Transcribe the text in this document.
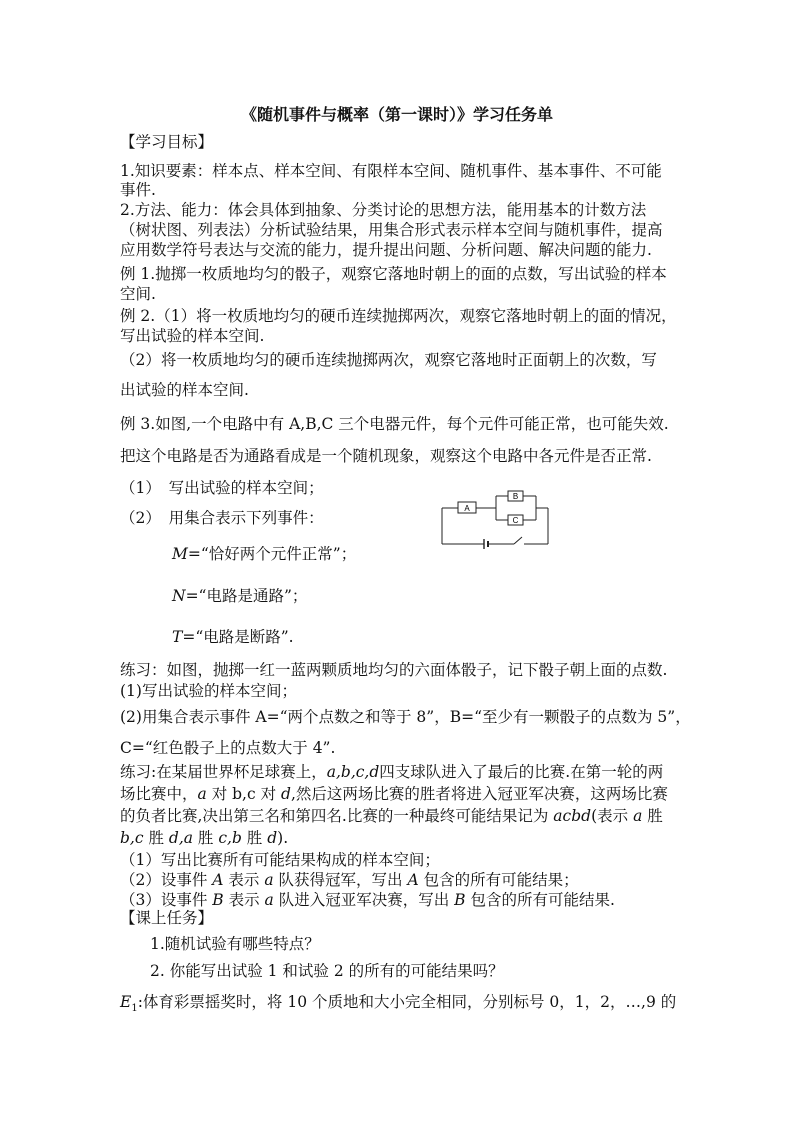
《随机事件与概率（第一课时）》学习任务单
【学习目标】
1.知识要素：样本点、样本空间、有限样本空间、随机事件、基本事件、不可能
事件.
2.方法、能力：体会具体到抽象、分类讨论的思想方法，能用基本的计数方法
（树状图、列表法）分析试验结果，用集合形式表示样本空间与随机事件，提高
应用数学符号表达与交流的能力，提升提出问题、分析问题、解决问题的能力.
例 1.抛掷一枚质地均匀的骰子，观察它落地时朝上的面的点数，写出试验的样本
空间.
例 2.（1）将一枚质地均匀的硬币连续抛掷两次，观察它落地时朝上的面的情况，
写出试验的样本空间.
（2）将一枚质地均匀的硬币连续抛掷两次，观察它落地时正面朝上的次数，写
出试验的样本空间.
例 3.如图,一个电路中有 A,B,C 三个电器元件，每个元件可能正常，也可能失效.
把这个电路是否为通路看成是一个随机现象，观察这个电路中各元件是否正常.
（1）　写出试验的样本空间；
（2）　用集合表示下列事件：
A
B
C
M=“恰好两个元件正常”；
N=“电路是通路”；
T=“电路是断路”.
练习：如图，抛掷一红一蓝两颗质地均匀的六面体骰子，记下骰子朝上面的点数.
(1)写出试验的样本空间；
(2)用集合表示事件 A=“两个点数之和等于 8”，B=“至少有一颗骰子的点数为 5”，
C=“红色骰子上的点数大于 4”.
练习:在某届世界杯足球赛上，a,b,c,d四支球队进入了最后的比赛.在第一轮的两
场比赛中，a 对 b,c 对 d,然后这两场比赛的胜者将进入冠亚军决赛，这两场比赛
的负者比赛,决出第三名和第四名.比赛的一种最终可能结果记为 acbd(表示 a 胜
b,c 胜 d,a 胜 c,b 胜 d).
（1）写出比赛所有可能结果构成的样本空间；
（2）设事件 A 表示 a 队获得冠军，写出 A 包含的所有可能结果；
（3）设事件 B 表示 a 队进入冠亚军决赛，写出 B 包含的所有可能结果.
【课上任务】
1.随机试验有哪些特点？
2. 你能写出试验 1 和试验 2 的所有的可能结果吗？
$E_1$:体育彩票摇奖时，将 10 个质地和大小完全相同，分别标号 0，1，2，…,9 的
